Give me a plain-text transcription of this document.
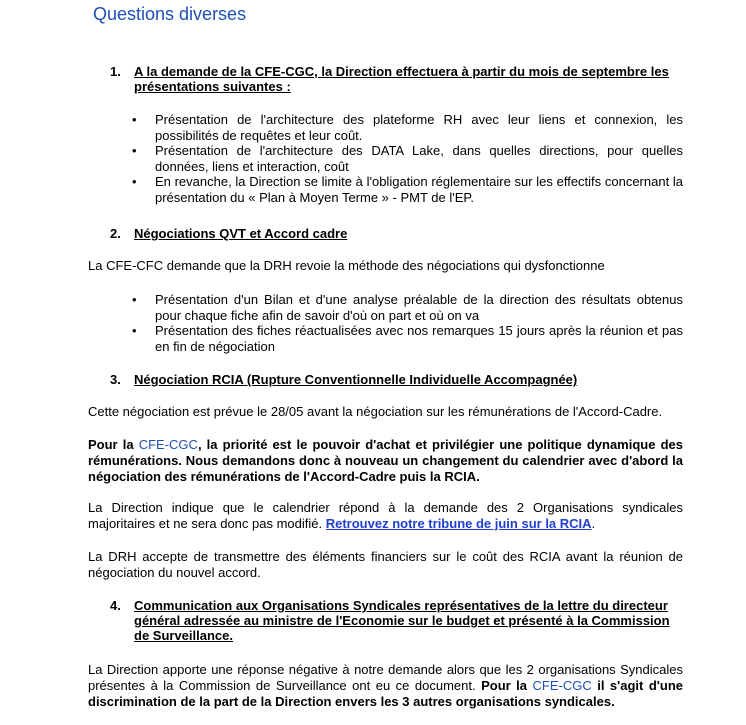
Questions diverses
1. A la demande de la CFE-CGC, la Direction effectuera à partir du mois de septembre les présentations suivantes :
• Présentation de l'architecture des plateforme RH avec leur liens et connexion, les possibilités de requêtes et leur coût.
• Présentation de l'architecture des DATA Lake, dans quelles directions, pour quelles données, liens et interaction, coût
• En revanche, la Direction se limite à l'obligation réglementaire sur les effectifs concernant la présentation du « Plan à Moyen Terme » - PMT de l'EP.
2. Négociations QVT et Accord cadre

La CFE-CFC demande que la DRH revoie la méthode des négociations qui dysfonctionne

• Présentation d'un Bilan et d'une analyse préalable de la direction des résultats obtenus pour chaque fiche afin de savoir d'où on part et où on va
• Présentation des fiches réactualisées avec nos remarques 15 jours après la réunion et pas en fin de négociation
3. Négociation RCIA (Rupture Conventionnelle Individuelle Accompagnée)

Cette négociation est prévue le 28/05 avant la négociation sur les rémunérations de l'Accord-Cadre.

Pour la CFE-CGC, la priorité est le pouvoir d'achat et privilégier une politique dynamique des rémunérations. Nous demandons donc à nouveau un changement du calendrier avec d'abord la négociation des rémunérations de l'Accord-Cadre puis la RCIA.

La Direction indique que le calendrier répond à la demande des 2 Organisations syndicales majoritaires et ne sera donc pas modifié. Retrouvez notre tribune de juin sur la RCIA.

La DRH accepte de transmettre des éléments financiers sur le coût des RCIA avant la réunion de négociation du nouvel accord.

4. Communication aux Organisations Syndicales représentatives de la lettre du directeur général adressée au ministre de l'Economie sur le budget et présenté à la Commission de Surveillance.

La Direction apporte une réponse négative à notre demande alors que les 2 organisations Syndicales présentes à la Commission de Surveillance ont eu ce document. Pour la CFE-CGC il s'agit d'une discrimination de la part de la Direction envers les 3 autres organisations syndicales.
